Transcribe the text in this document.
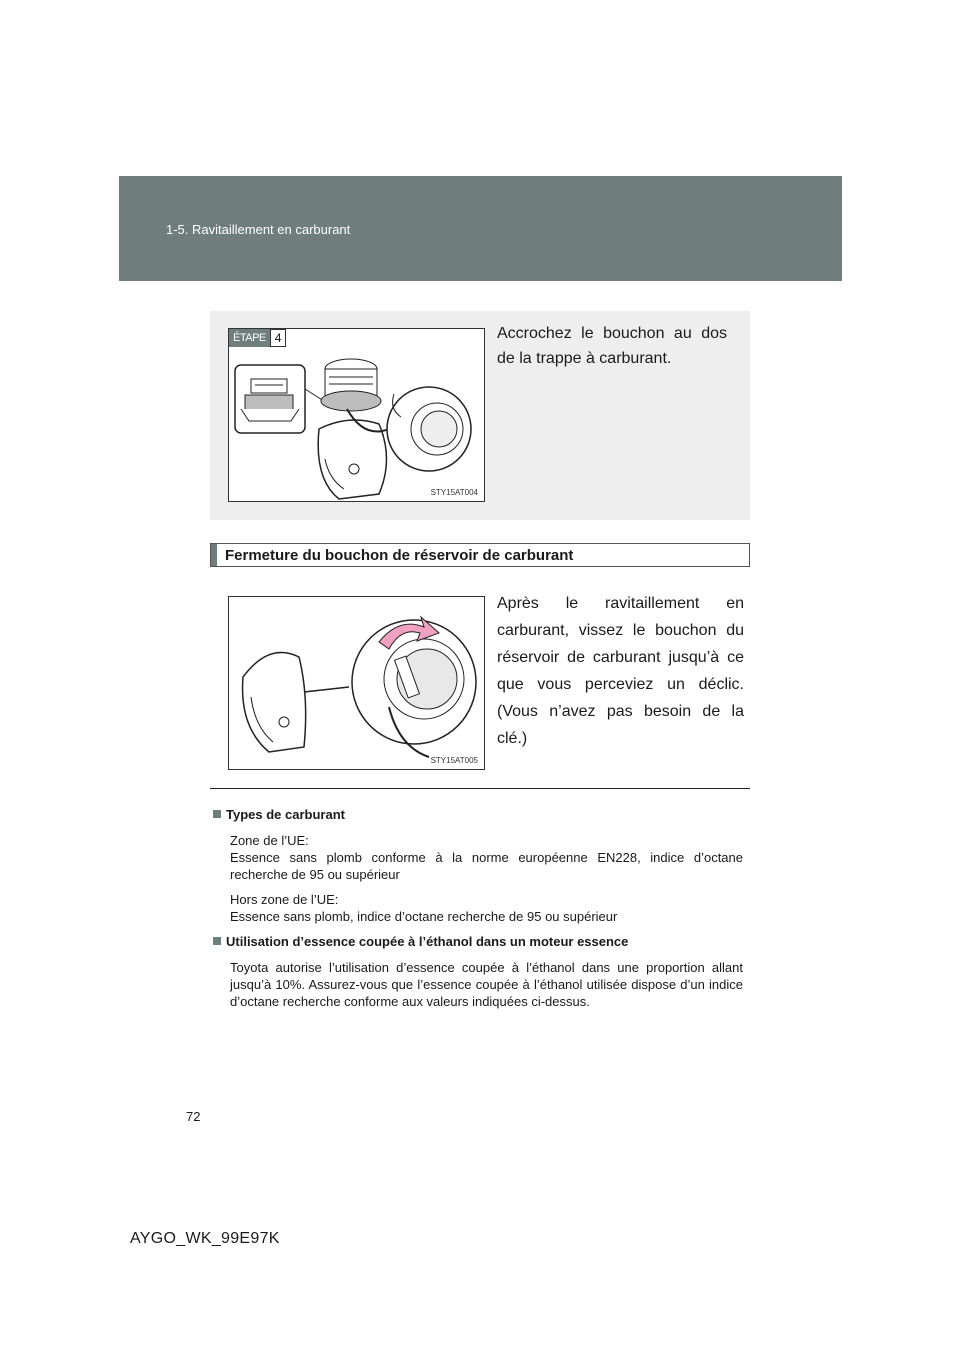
1-5. Ravitaillement en carburant
ÉTAPE 4
STY15AT004
Accrochez le bouchon au dos de la trappe à carburant.
Fermeture du bouchon de réservoir de carburant
STY15AT005
Après le ravitaillement en carburant, vissez le bouchon du réservoir de carburant jusqu’à ce que vous perceviez un déclic. (Vous n’avez pas besoin de la clé.)
Types de carburant
Zone de l’UE:
Essence sans plomb conforme à la norme européenne EN228, indice d’octane recherche de 95 ou supérieur
Hors zone de l’UE:
Essence sans plomb, indice d’octane recherche de 95 ou supérieur
Utilisation d’essence coupée à l’éthanol dans un moteur essence
Toyota autorise l’utilisation d’essence coupée à l’éthanol dans une proportion allant jusqu’à 10%. Assurez-vous que l’essence coupée à l’éthanol utilisée dispose d’un indice d’octane recherche conforme aux valeurs indiquées ci-dessus.
72
AYGO_WK_99E97K
